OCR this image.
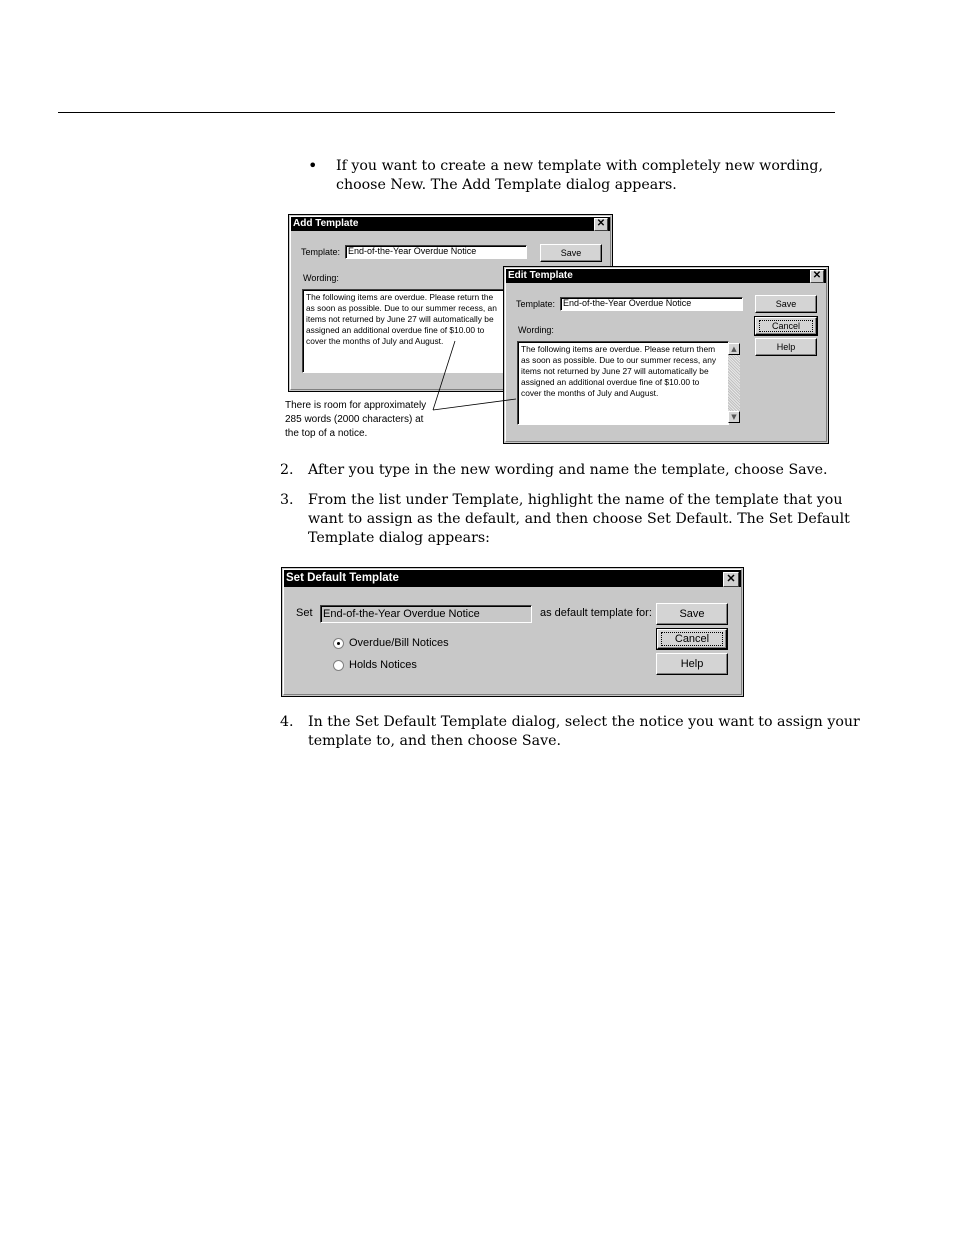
• If you want to create a new template with completely new wording,
choose New. The Add Template dialog appears.
Add Template	✕
Template: End-of-the-Year Overdue Notice	Save
Wording:

The following items are overdue. Please return the

as soon as possible. Due to our summer recess, an

items not returned by June 27 will automatically be

assigned an additional overdue fine of $10.00 to

cover the months of July and August.

Edit Template	✕
Template: End-of-the-Year Overdue Notice	Save
Cancel
Help
Wording:

The following items are overdue. Please return them

as soon as possible. Due to our summer recess, any

items not returned by June 27 will automatically be

assigned an additional overdue fine of $10.00 to

cover the months of July and August.

▲
▼
There is room for approximately
285 words (2000 characters) at
the top of a notice.
2. After you type in the new wording and name the template, choose Save.
3. From the list under Template, highlight the name of the template that you
want to assign as the default, and then choose Set Default. The Set Default
Template dialog appears:
Set Default Template	✕
Set End-of-the-Year Overdue Notice	as default template for:	Save
Cancel
Help
Overdue/Bill Notices
Holds Notices
4. In the Set Default Template dialog, select the notice you want to assign your
template to, and then choose Save.
